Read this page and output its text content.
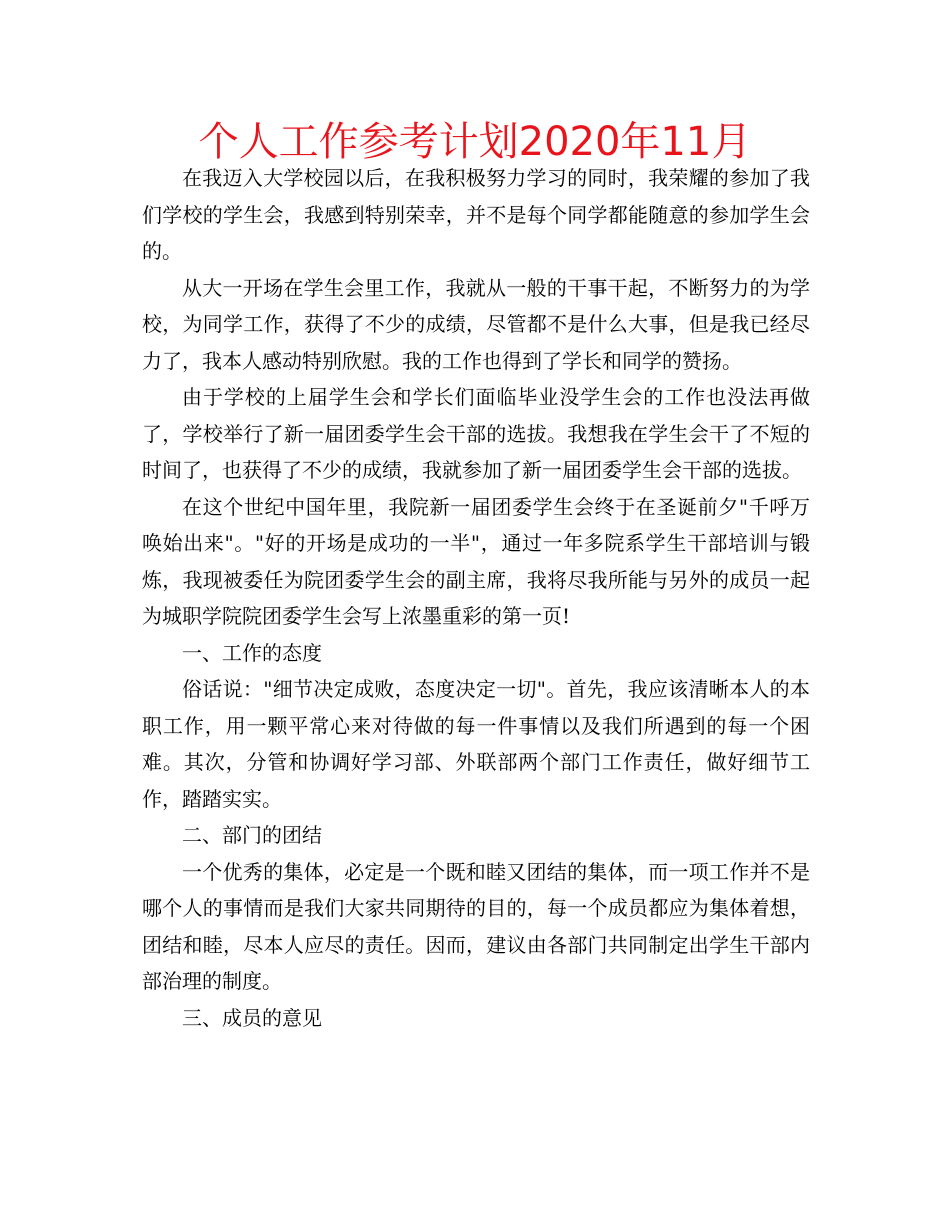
个人工作参考计划2020年11月

在我迈入大学校园以后，在我积极努力学习的同时，我荣耀的参加了我们学校的学生会，我感到特别荣幸，并不是每个同学都能随意的参加学生会的。

从大一开场在学生会里工作，我就从一般的干事干起，不断努力的为学校，为同学工作，获得了不少的成绩，尽管都不是什么大事，但是我已经尽力了，我本人感动特别欣慰。我的工作也得到了学长和同学的赞扬。

由于学校的上届学生会和学长们面临毕业没学生会的工作也没法再做了，学校举行了新一届团委学生会干部的选拔。我想我在学生会干了不短的时间了，也获得了不少的成绩，我就参加了新一届团委学生会干部的选拔。

在这个世纪中国年里，我院新一届团委学生会终于在圣诞前夕"千呼万唤始出来"。"好的开场是成功的一半"，通过一年多院系学生干部培训与锻炼，我现被委任为院团委学生会的副主席，我将尽我所能与另外的成员一起为城职学院院团委学生会写上浓墨重彩的第一页!

一、工作的态度

俗话说："细节决定成败，态度决定一切"。首先，我应该清晰本人的本职工作，用一颗平常心来对待做的每一件事情以及我们所遇到的每一个困难。其次，分管和协调好学习部、外联部两个部门工作责任，做好细节工作，踏踏实实。

二、部门的团结

一个优秀的集体，必定是一个既和睦又团结的集体，而一项工作并不是哪个人的事情而是我们大家共同期待的目的，每一个成员都应为集体着想，团结和睦，尽本人应尽的责任。因而，建议由各部门共同制定出学生干部内部治理的制度。

三、成员的意见
